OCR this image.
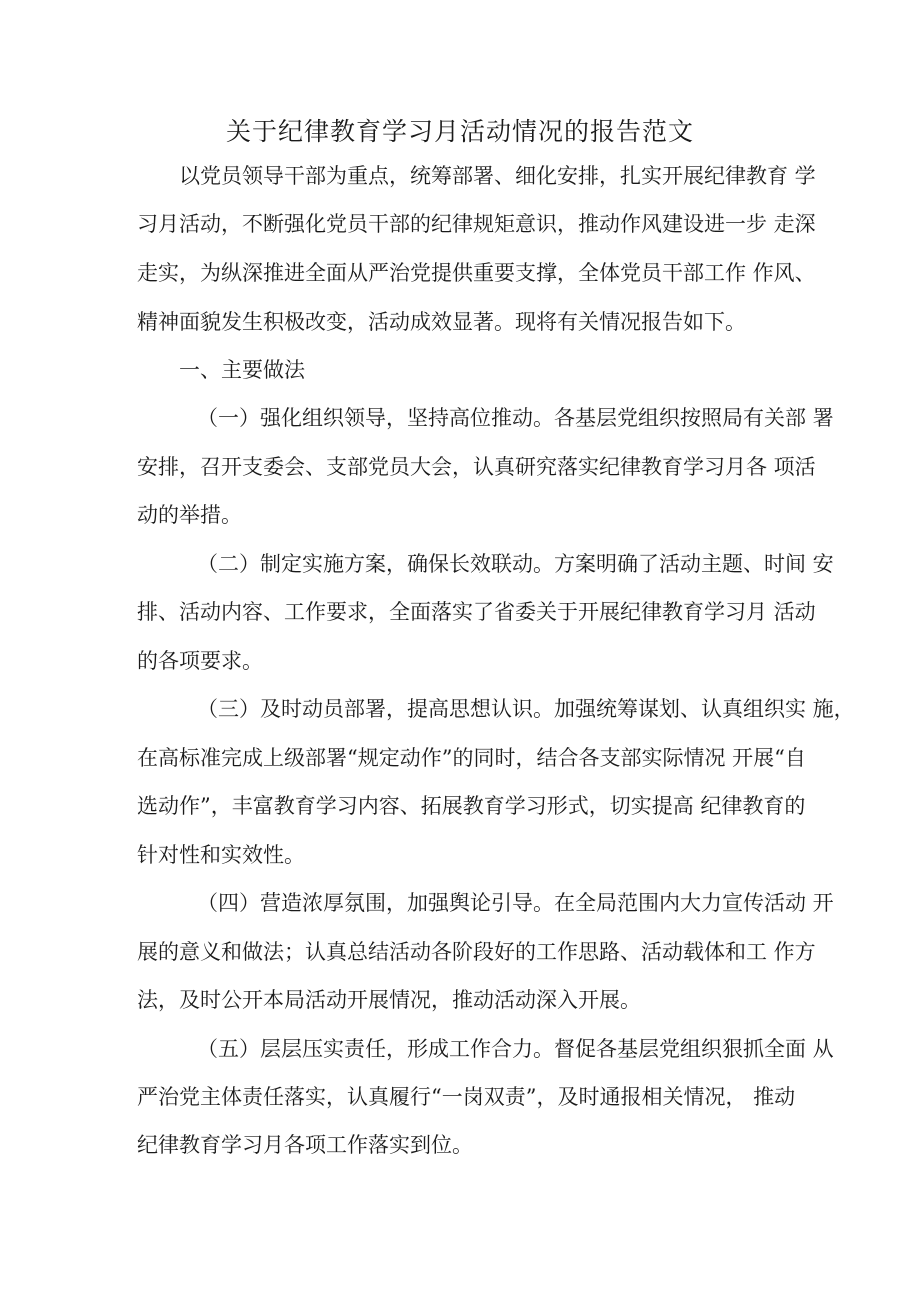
关于纪律教育学习月活动情况的报告范文
以党员领导干部为重点，统筹部署、细化安排，扎实开展纪律教育 学
习月活动，不断强化党员干部的纪律规矩意识，推动作风建设进一步 走深
走实，为纵深推进全面从严治党提供重要支撑，全体党员干部工作 作风、
精神面貌发生积极改变，活动成效显著。现将有关情况报告如下。
一、主要做法
（一）强化组织领导，坚持高位推动。各基层党组织按照局有关部 署
安排，召开支委会、支部党员大会，认真研究落实纪律教育学习月各 项活
动的举措。
（二）制定实施方案，确保长效联动。方案明确了活动主题、时间 安
排、活动内容、工作要求，全面落实了省委关于开展纪律教育学习月 活动
的各项要求。
（三）及时动员部署，提高思想认识。加强统筹谋划、认真组织实 施，
在高标准完成上级部署“规定动作”的同时，结合各支部实际情况 开展“自
选动作”，丰富教育学习内容、拓展教育学习形式，切实提高 纪律教育的
针对性和实效性。
（四）营造浓厚氛围，加强舆论引导。在全局范围内大力宣传活动 开
展的意义和做法；认真总结活动各阶段好的工作思路、活动载体和工 作方
法，及时公开本局活动开展情况，推动活动深入开展。
（五）层层压实责任，形成工作合力。督促各基层党组织狠抓全面 从
严治党主体责任落实，认真履行“一岗双责”，及时通报相关情况， 推动
纪律教育学习月各项工作落实到位。
